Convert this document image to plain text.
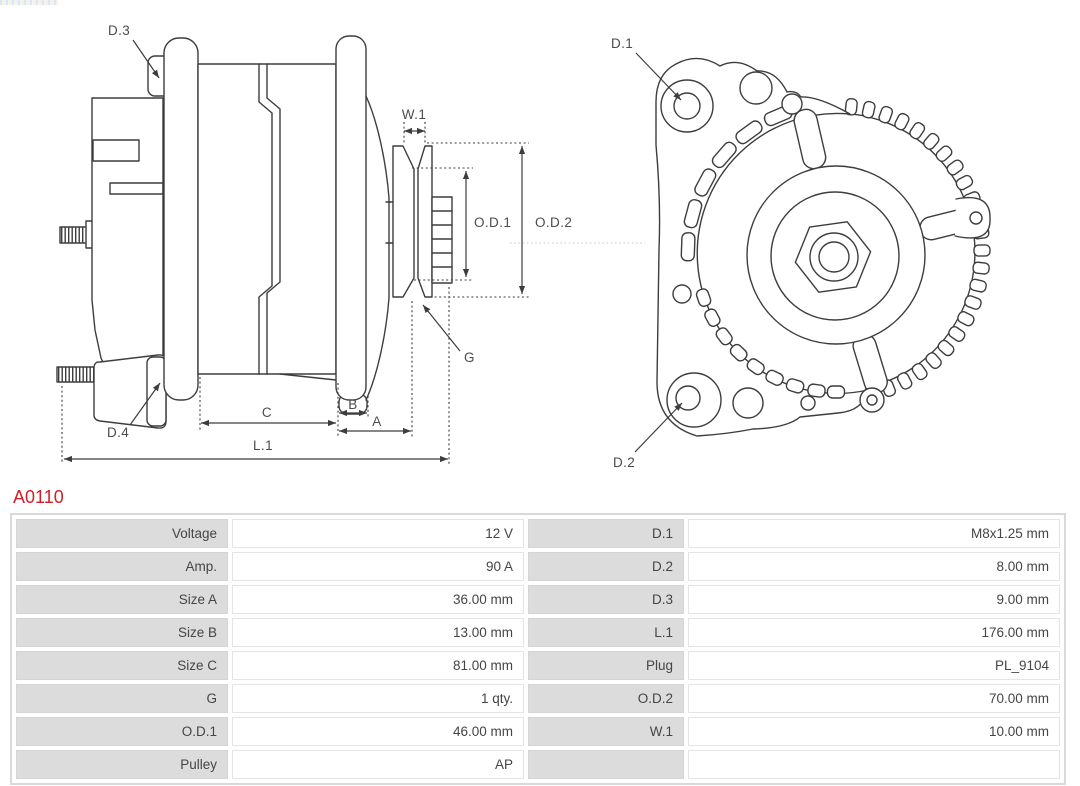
D.3
W.1
O.D.1 O.D.2
G
C
B
A
L.1
D.4
D.1
D.2
A0110
Voltage	12 V	D.1	M8x1.25 mm
Amp.	90 A	D.2	8.00 mm
Size A	36.00 mm	D.3	9.00 mm
Size B	13.00 mm	L.1	176.00 mm
Size C	81.00 mm	Plug	PL_9104
G	1 qty.	O.D.2	70.00 mm
O.D.1	46.00 mm	W.1	10.00 mm
Pulley	AP		
